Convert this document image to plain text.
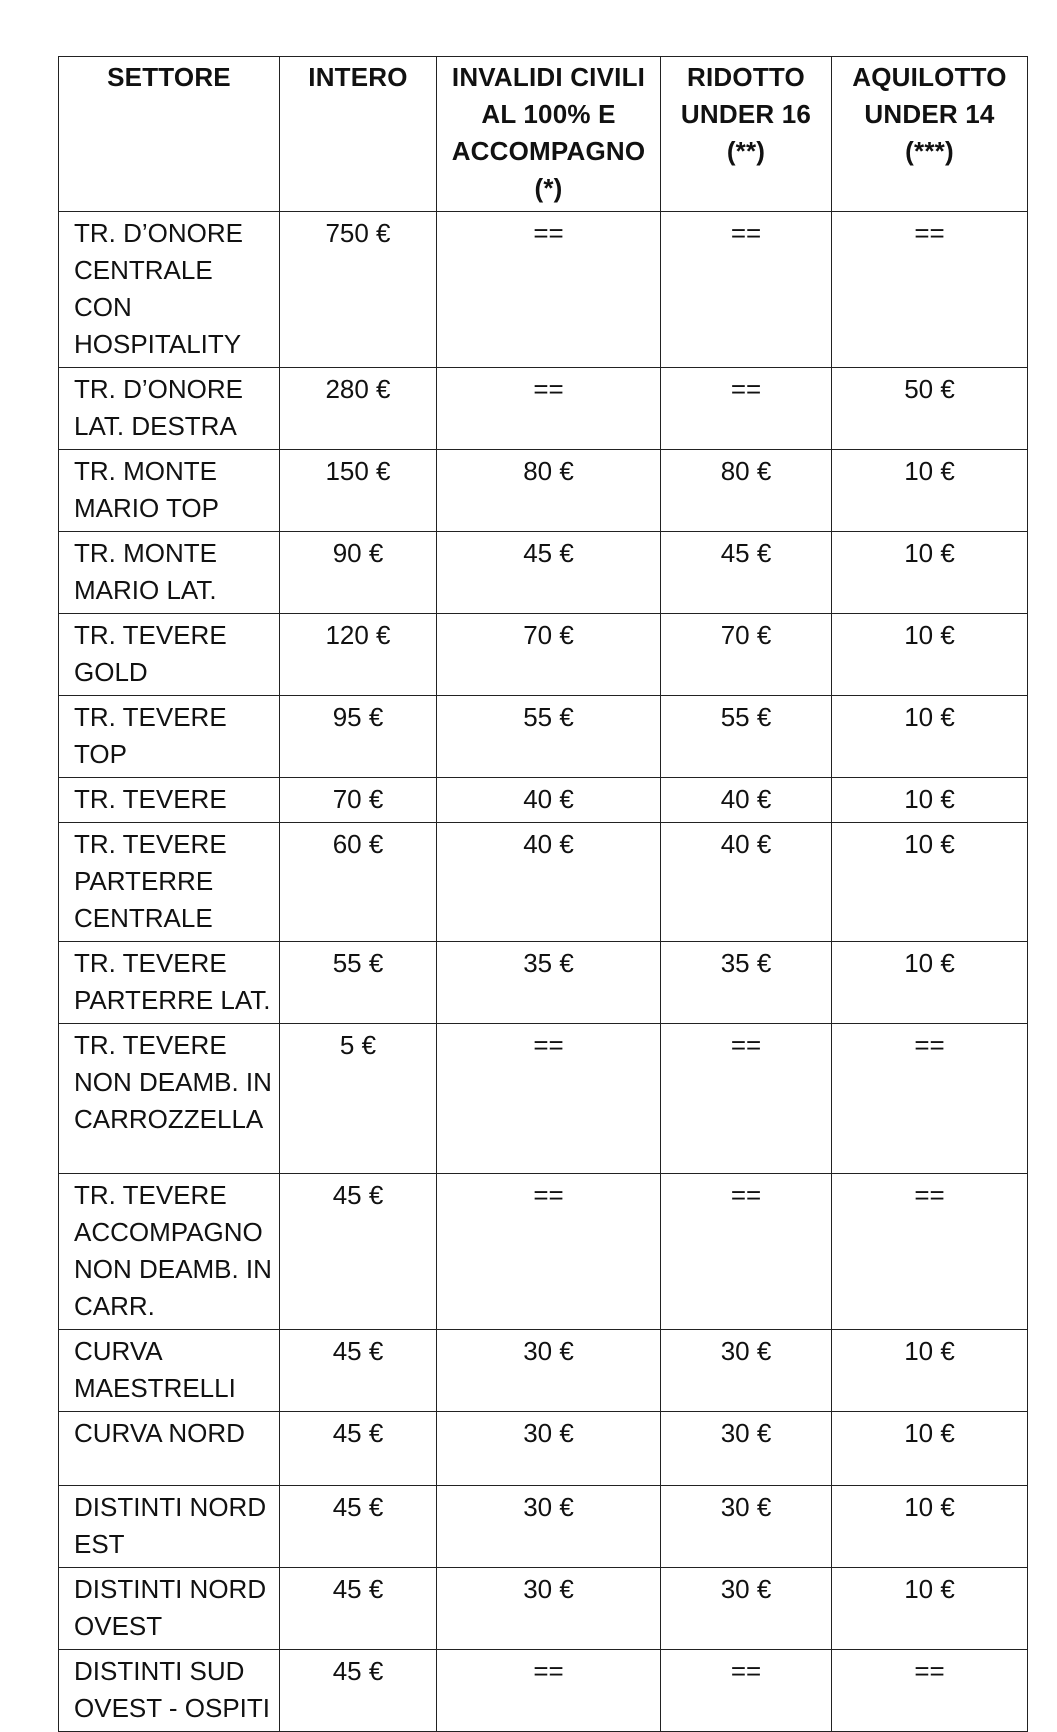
SETTORE	INTERO	INVALIDI CIVILI AL 100% E ACCOMPAGNO (*)	RIDOTTO UNDER 16 (**)	AQUILOTTO UNDER 14 (***)
TR. D’ONORE CENTRALE CON HOSPITALITY	750 €	==	==	==
TR. D’ONORE LAT. DESTRA	280 €	==	==	50 €
TR. MONTE MARIO TOP	150 €	80 €	80 €	10 €
TR. MONTE MARIO LAT.	90 €	45 €	45 €	10 €
TR. TEVERE GOLD	120 €	70 €	70 €	10 €
TR. TEVERE TOP	95 €	55 €	55 €	10 €
TR. TEVERE	70 €	40 €	40 €	10 €
TR. TEVERE PARTERRE CENTRALE	60 €	40 €	40 €	10 €
TR. TEVERE PARTERRE LAT.	55 €	35 €	35 €	10 €
TR. TEVERE NON DEAMB. IN CARROZZELLA	5 €	==	==	==
TR. TEVERE ACCOMPAGNO NON DEAMB. IN CARR.	45 €	==	==	==
CURVA MAESTRELLI	45 €	30 €	30 €	10 €
CURVA NORD	45 €	30 €	30 €	10 €
DISTINTI NORD EST	45 €	30 €	30 €	10 €
DISTINTI NORD OVEST	45 €	30 €	30 €	10 €
DISTINTI SUD OVEST - OSPITI	45 €	==	==	==
